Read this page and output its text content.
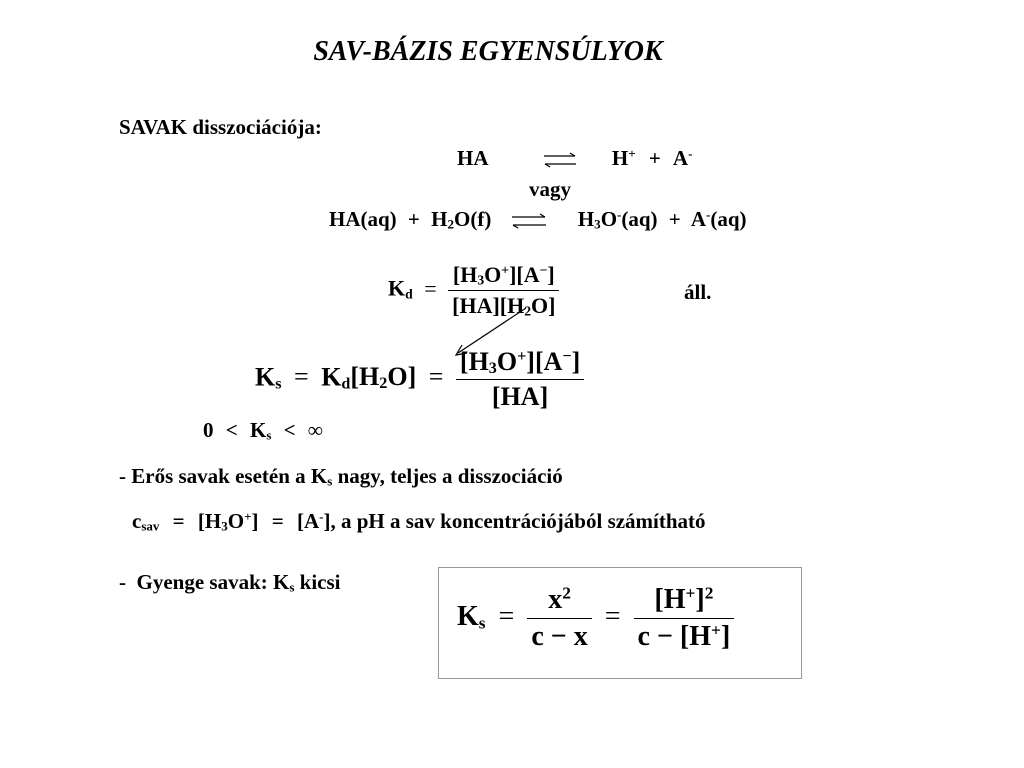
SAV-BÁZIS EGYENSÚLYOK
SAVAK disszociációja:
HA	H+ + A-
vagy
$HA(aq) + H_2O(f)$ ⇌ $H_3O^-(aq) + A^-(aq)$
$K_d = \frac{[H_3O^+][A^-]}{[HA][H_2O]}$	áll.
$K_s = K_d[H_2O] = \frac{[H_3O^+][A^-]}{[HA]}$
$0 < K_s$ < ∞
- Erős savak esetén a $K_s$ nagy, teljes a disszociáció
$c_{sav} = [H_3O^+] = [A^-]$, a pH a sav koncentrációjából számítható
- Gyenge savak: $K_s$ kicsi
$K_s = \frac{x^2}{c - x} = \frac{[H^+]^2}{c - [H^+]}$
